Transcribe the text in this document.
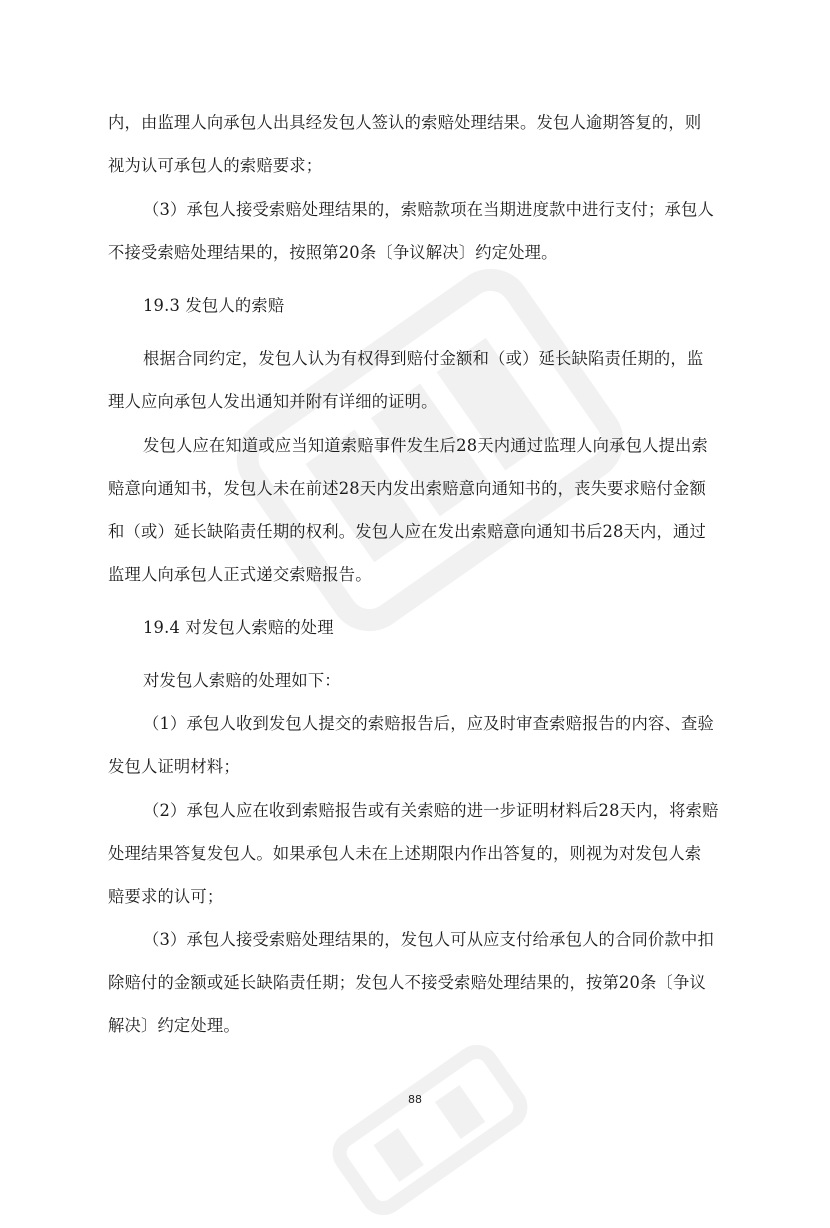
内，由监理人向承包人出具经发包人签认的索赔处理结果。发包人逾期答复的，则
视为认可承包人的索赔要求；
（3）承包人接受索赔处理结果的，索赔款项在当期进度款中进行支付；承包人
不接受索赔处理结果的，按照第20条〔争议解决〕约定处理。
19.3 发包人的索赔
根据合同约定，发包人认为有权得到赔付金额和（或）延长缺陷责任期的，监
理人应向承包人发出通知并附有详细的证明。
发包人应在知道或应当知道索赔事件发生后28天内通过监理人向承包人提出索
赔意向通知书，发包人未在前述28天内发出索赔意向通知书的，丧失要求赔付金额
和（或）延长缺陷责任期的权利。发包人应在发出索赔意向通知书后28天内，通过
监理人向承包人正式递交索赔报告。
19.4 对发包人索赔的处理
对发包人索赔的处理如下：
（1）承包人收到发包人提交的索赔报告后，应及时审查索赔报告的内容、查验
发包人证明材料；
（2）承包人应在收到索赔报告或有关索赔的进一步证明材料后28天内，将索赔
处理结果答复发包人。如果承包人未在上述期限内作出答复的，则视为对发包人索
赔要求的认可；
（3）承包人接受索赔处理结果的，发包人可从应支付给承包人的合同价款中扣
除赔付的金额或延长缺陷责任期；发包人不接受索赔处理结果的，按第20条〔争议
解决〕约定处理。
88
